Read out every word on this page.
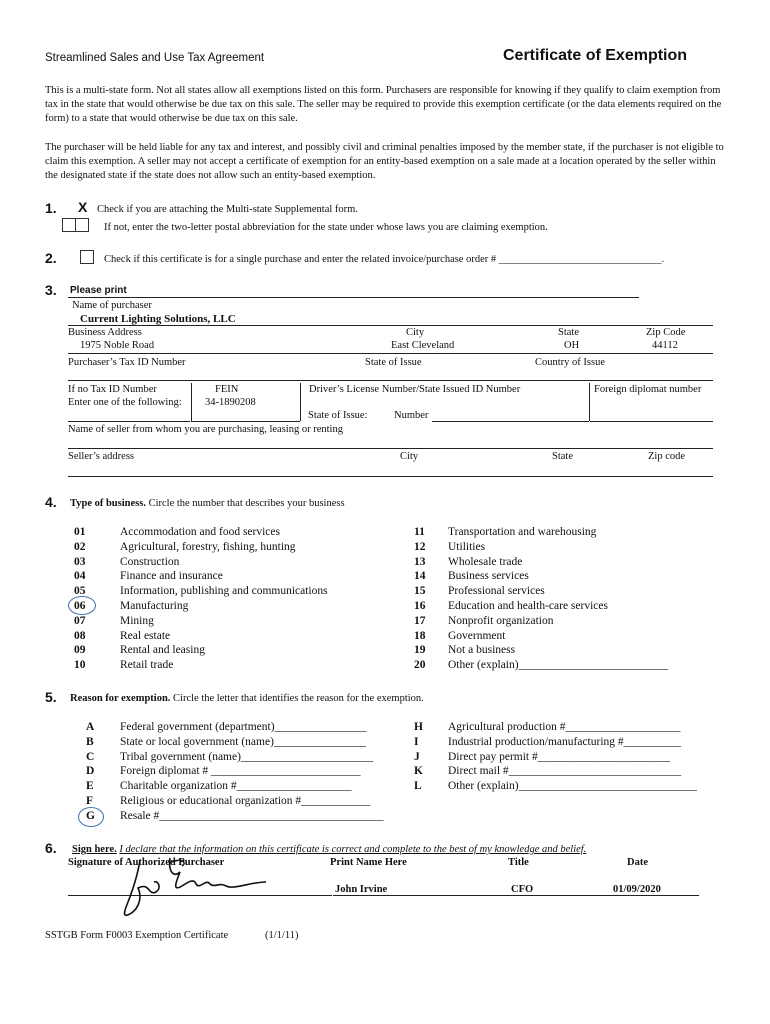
Streamlined Sales and Use Tax Agreement	Certificate of Exemption
This is a multi-state form. Not all states allow all exemptions listed on this form. Purchasers are responsible for knowing if they qualify to claim exemption from tax in the state that would otherwise be due tax on this sale. The seller may be required to provide this exemption certificate (or the data elements required on the form) to a state that would otherwise be due tax on this sale.
The purchaser will be held liable for any tax and interest, and possibly civil and criminal penalties imposed by the member state, if the purchaser is not eligible to claim this exemption. A seller may not accept a certificate of exemption for an entity-based exemption on a sale made at a location operated by the seller within the designated state if the state does not allow such an entity-based exemption.
1. X Check if you are attaching the Multi-state Supplemental form.
If not, enter the two-letter postal abbreviation for the state under whose laws you are claiming exemption.
2.	Check if this certificate is for a single purchase and enter the related invoice/purchase order # _______________________________.
3. Please print
Name of purchaser
Current Lighting Solutions, LLC
Business Address	City	State	Zip Code
1975 Noble Road	East Cleveland	OH	44112
Purchaser’s Tax ID Number	State of Issue	Country of Issue
If no Tax ID Number
Enter one of the following:
FEIN
34-1890208
Driver’s License Number/State Issued ID Number
State of Issue:	Number
Foreign diplomat number
Name of seller from whom you are purchasing, leasing or renting
Seller’s address	City	State	Zip code
4. Type of business. Circle the number that describes your business
01	Accommodation and food services
02	Agricultural, forestry, fishing, hunting
03	Construction
04	Finance and insurance
05	Information, publishing and communications
06	Manufacturing
07	Mining
08	Real estate
09	Rental and leasing
10	Retail trade
11	Transportation and warehousing
12	Utilities
13	Wholesale trade
14	Business services
15	Professional services
16	Education and health-care services
17	Nonprofit organization
18	Government
19	Not a business
20	Other (explain)__________________________
5. Reason for exemption. Circle the letter that identifies the reason for the exemption.
A	Federal government (department)________________
B	State or local government (name)________________
C	Tribal government (name)_______________________
D	Foreign diplomat # __________________________
E	Charitable organization #____________________
F	Religious or educational organization #____________
G	Resale #_______________________________________
H	Agricultural production #____________________
I	Industrial production/manufacturing #__________
J	Direct pay permit #_______________________
K	Direct mail #______________________________
L	Other (explain)_______________________________
6. Sign here. I declare that the information on this certificate is correct and complete to the best of my knowledge and belief.
Signature of Authorized Purchaser	Print Name Here	Title	Date
John Irvine	CFO	01/09/2020
SSTGB Form F0003 Exemption Certificate	(1/1/11)
